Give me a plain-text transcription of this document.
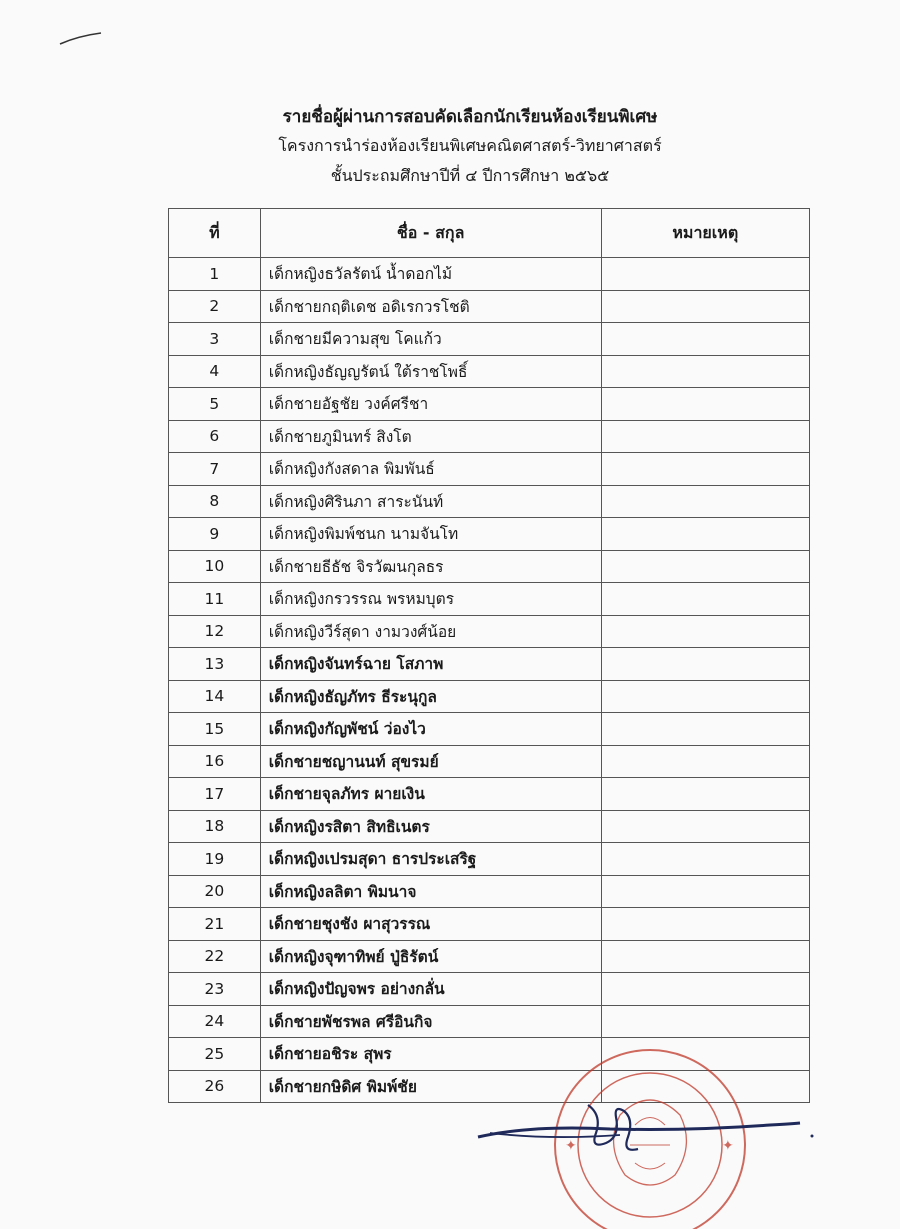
รายชื่อผู้ผ่านการสอบคัดเลือกนักเรียนห้องเรียนพิเศษ

โครงการนำร่องห้องเรียนพิเศษคณิตศาสตร์-วิทยาศาสตร์

ชั้นประถมศึกษาปีที่ ๔ ปีการศึกษา ๒๕๖๕

ที่	ชื่อ - สกุล	หมายเหตุ
1	เด็กหญิงธวัลรัตน์ น้ำดอกไม้	
2	เด็กชายกฤติเดช อดิเรกวรโชติ	
3	เด็กชายมีความสุข โคแก้ว	
4	เด็กหญิงธัญญรัตน์ ใต้ราชโพธิ์	
5	เด็กชายอัฐชัย วงค์ศรีชา	
6	เด็กชายภูมินทร์ สิงโต	
7	เด็กหญิงกังสดาล พิมพันธ์	
8	เด็กหญิงศิรินภา สาระนันท์	
9	เด็กหญิงพิมพ์ชนก นามจันโท	
10	เด็กชายธีธัช จิรวัฒนกุลธร	
11	เด็กหญิงกรวรรณ พรหมบุตร	
12	เด็กหญิงวีร์สุดา งามวงศ์น้อย	
13	เด็กหญิงจันทร์ฉาย โสภาพ	
14	เด็กหญิงธัญภัทร ธีระนุกูล	
15	เด็กหญิงกัญพัชน์ ว่องไว	
16	เด็กชายชญานนท์ สุขรมย์	
17	เด็กชายจุลภัทร ผายเงิน	
18	เด็กหญิงรสิตา สิทธิเนตร	
19	เด็กหญิงเปรมสุดา ธารประเสริฐ	
20	เด็กหญิงลลิตา พิมนาจ	
21	เด็กชายชุงชัง ผาสุวรรณ	
22	เด็กหญิงจุฑาทิพย์ ปู่ธิรัตน์	
23	เด็กหญิงปัญจพร อย่างกลั่น	
24	เด็กชายพัชรพล ศรีอินกิจ	
25	เด็กชายอชิระ สุพร	
26	เด็กชายกษิดิศ พิมพ์ชัย	
✦	✦
